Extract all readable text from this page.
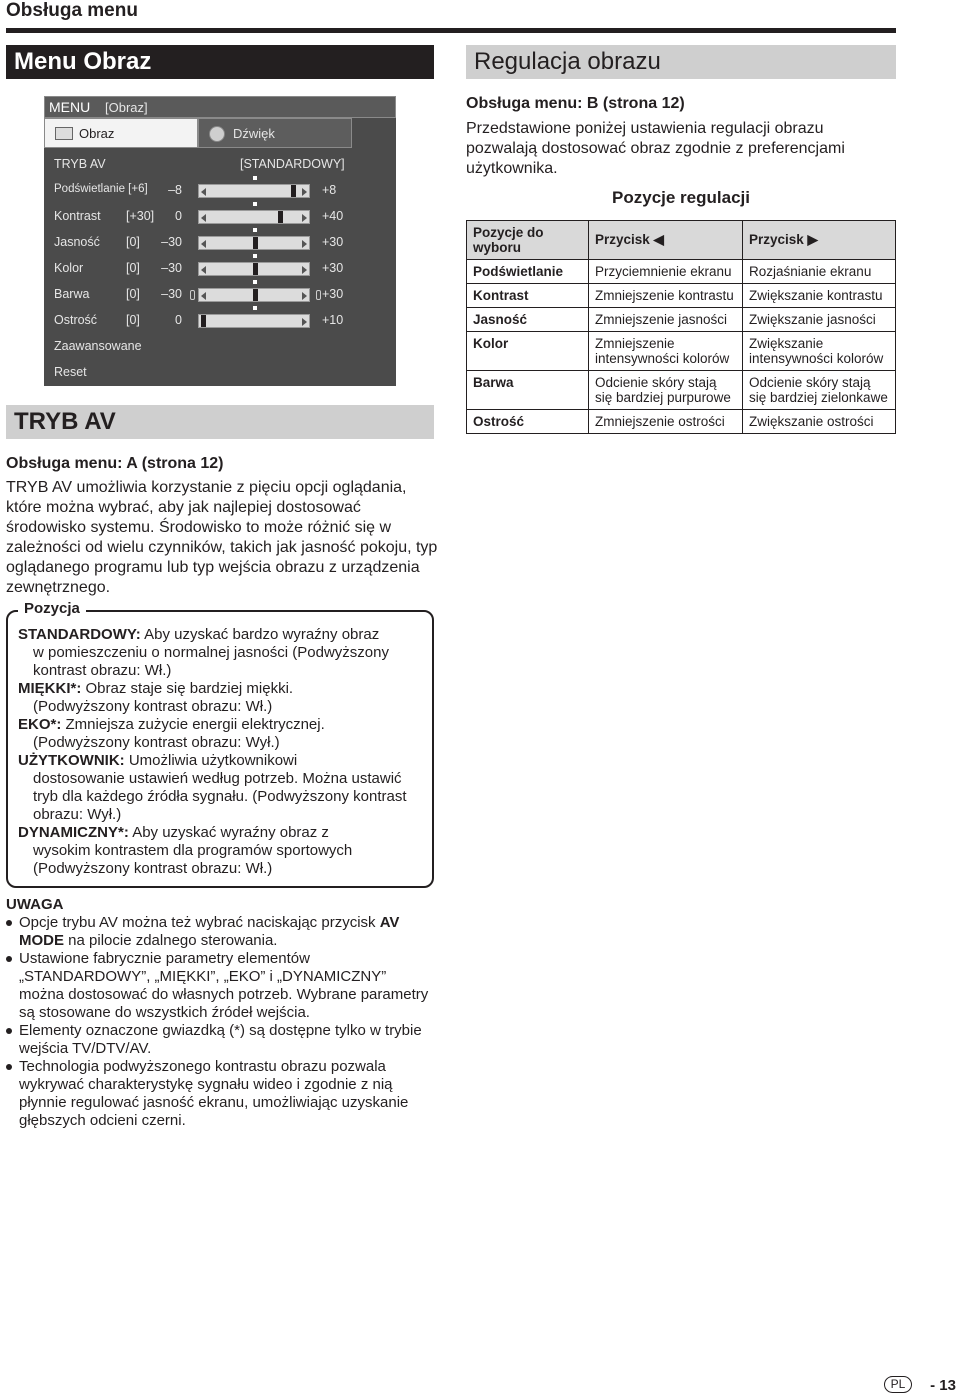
Obsługa menu
Menu Obraz
MENU [Obraz]
Obraz	Dźwięk
TRYB AV	[STANDARDOWY]
Podświetlanie [+6]	–8	+8
Kontrast [+30]	0	+40
Jasność [0]	–30	+30
Kolor	[0]	–30	+30
Barwa	[0]	–30	+30
Ostrość [0]	0	+10
Zaawansowane
Reset
TRYB AV
Obsługa menu: A (strona 12)
TRYB AV umożliwia korzystanie z pięciu opcji oglądania, które można wybrać, aby jak najlepiej dostosować środowisko systemu. Środowisko to może różnić się w zależności od wielu czynników, takich jak jasność pokoju, typ oglądanego programu lub typ wejścia obrazu z urządzenia zewnętrznego.
Pozycja
STANDARDOWY: Aby uzyskać bardzo wyraźny obraz
w pomieszczeniu o normalnej jasności (Podwyższony kontrast obrazu: Wł.)
MIĘKKI*: Obraz staje się bardziej miękki.
(Podwyższony kontrast obrazu: Wł.)
EKO*: Zmniejsza zużycie energii elektrycznej.
(Podwyższony kontrast obrazu: Wył.)
UŻYTKOWNIK: Umożliwia użytkownikowi
dostosowanie ustawień według potrzeb. Można ustawić tryb dla każdego źródła sygnału. (Podwyższony kontrast obrazu: Wył.)
DYNAMICZNY*: Aby uzyskać wyraźny obraz z
wysokim kontrastem dla programów sportowych (Podwyższony kontrast obrazu: Wł.)
UWAGA
Opcje trybu AV można też wybrać naciskając przycisk AV MODE na pilocie zdalnego sterowania.
Ustawione fabrycznie parametry elementów „STANDARDOWY”, „MIĘKKI”, „EKO” i „DYNAMICZNY” można dostosować do własnych potrzeb. Wybrane parametry są stosowane do wszystkich źródeł wejścia.
Elementy oznaczone gwiazdką (*) są dostępne tylko w trybie wejścia TV/DTV/AV.
Technologia podwyższonego kontrastu obrazu pozwala wykrywać charakterystykę sygnału wideo i zgodnie z nią płynnie regulować jasność ekranu, umożliwiając uzyskanie głębszych odcieni czerni.
Regulacja obrazu
Obsługa menu: B (strona 12)
Przedstawione poniżej ustawienia regulacji obrazu pozwalają dostosować obraz zgodnie z preferencjami użytkownika.
Pozycje regulacji
Pozycje do wyboru	Przycisk ◀	Przycisk ▶
Podświetlanie	Przyciemnienie ekranu	Rozjaśnianie ekranu
Kontrast	Zmniejszenie kontrastu	Zwiększanie kontrastu
Jasność	Zmniejszenie jasności	Zwiększanie jasności
Kolor	Zmniejszenie intensywności kolorów	Zwiększanie intensywności kolorów
Barwa	Odcienie skóry stają się bardziej purpurowe	Odcienie skóry stają się bardziej zielonkawe
Ostrość	Zmniejszenie ostrości	Zwiększanie ostrości
PL	- 13
